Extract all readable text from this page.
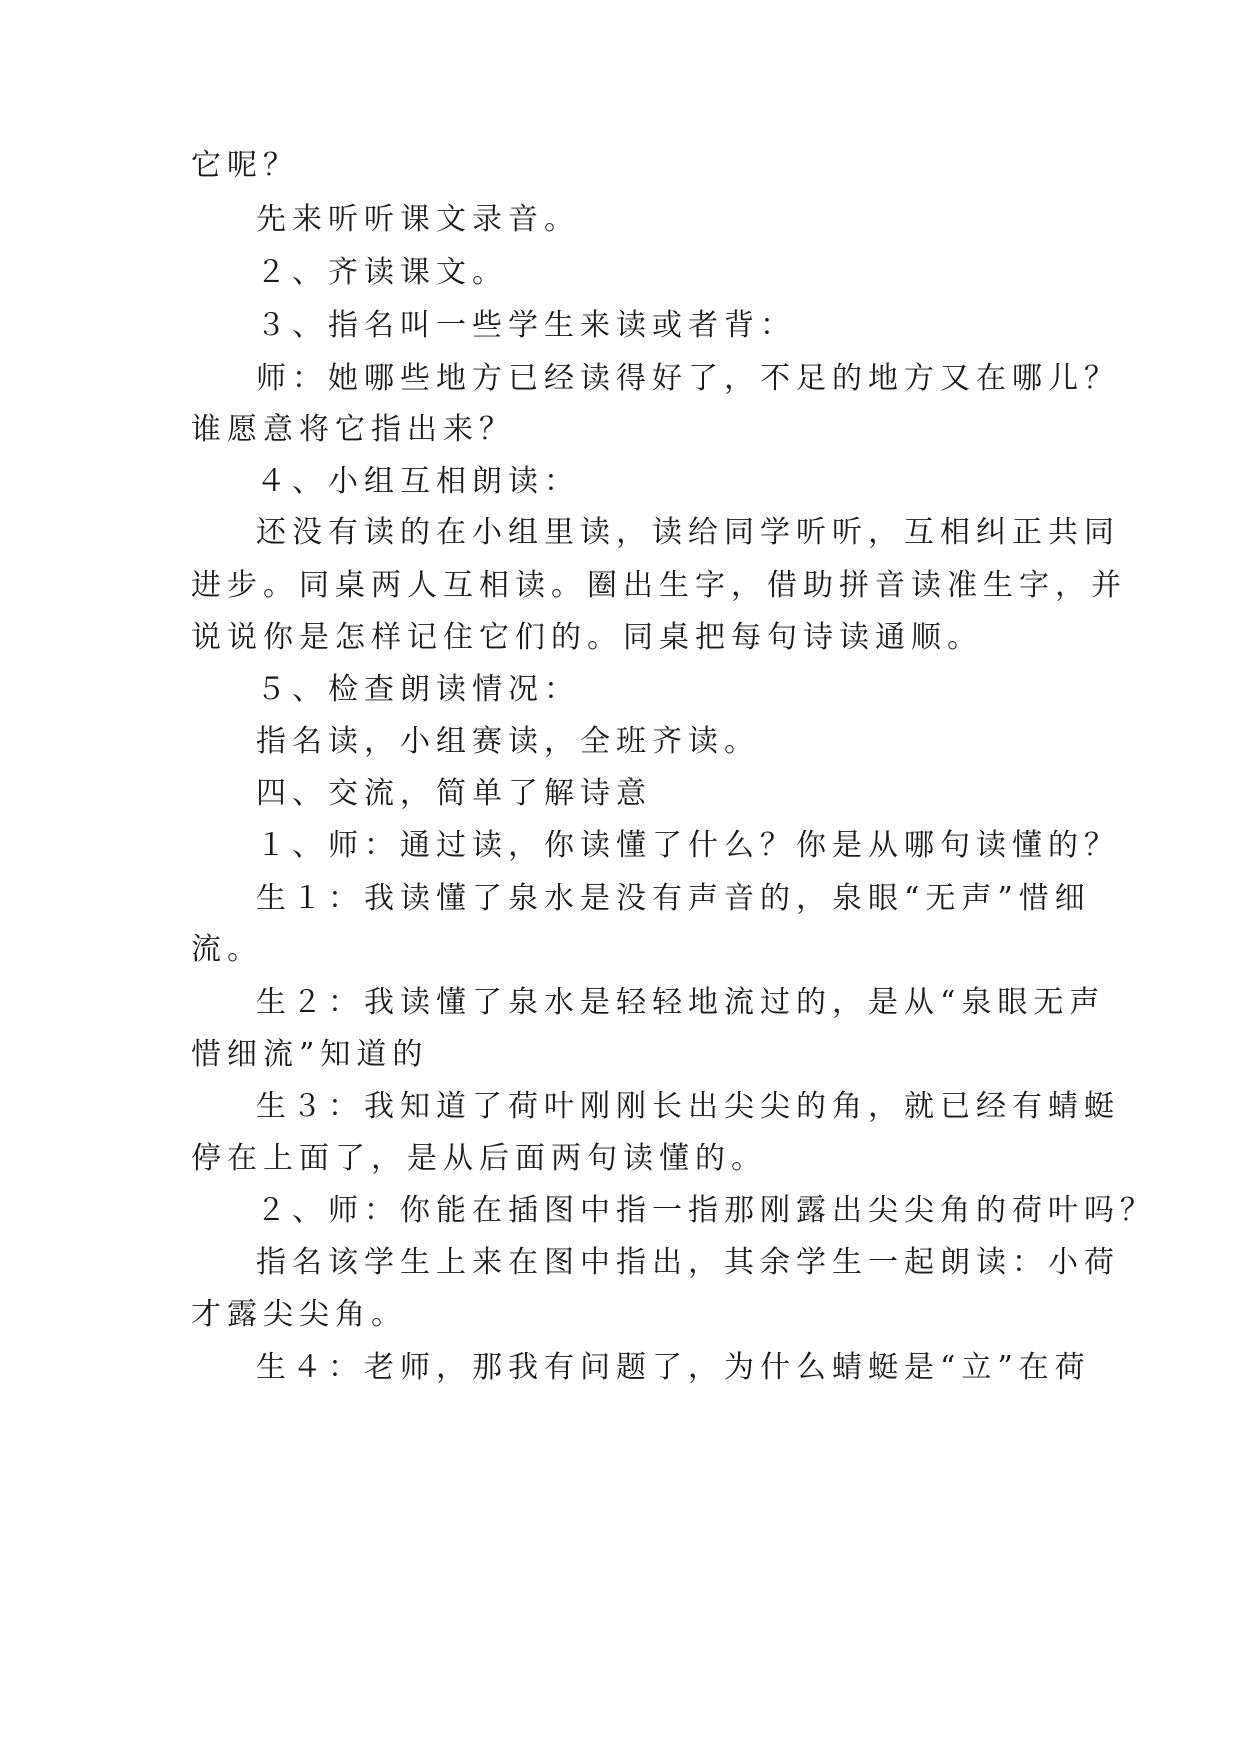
它呢？
先来听听课文录音。
２、齐读课文。
３、指名叫一些学生来读或者背：
师：她哪些地方已经读得好了，不足的地方又在哪儿？
谁愿意将它指出来？
４、小组互相朗读：
还没有读的在小组里读，读给同学听听，互相纠正共同
进步。同桌两人互相读。圈出生字，借助拼音读准生字，并
说说你是怎样记住它们的。同桌把每句诗读通顺。
５、检查朗读情况：
指名读，小组赛读，全班齐读。
四、交流，简单了解诗意
１、师：通过读，你读懂了什么？你是从哪句读懂的？
生１：我读懂了泉水是没有声音的，泉眼“无声”惜细
流。
生２：我读懂了泉水是轻轻地流过的，是从“泉眼无声
惜细流”知道的
生３：我知道了荷叶刚刚长出尖尖的角，就已经有蜻蜓
停在上面了，是从后面两句读懂的。
２、师：你能在插图中指一指那刚露出尖尖角的荷叶吗？
指名该学生上来在图中指出，其余学生一起朗读：小荷
才露尖尖角。
生４：老师，那我有问题了，为什么蜻蜓是“立”在荷
